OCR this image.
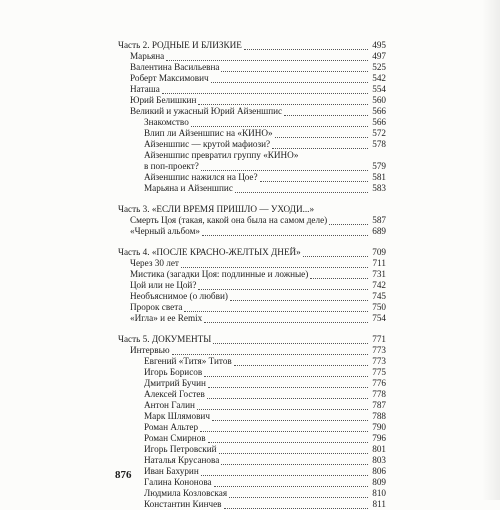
Часть 2. РОДНЫЕ И БЛИЗКИЕ	495
Марьяна	497
Валентина Васильевна	525
Роберт Максимович	542
Наташа	554
Юрий Белишкин	560
Великий и ужасный Юрий Айзеншпис	566
Знакомство	566
Влип ли Айзеншпис на «КИНО»	572
Айзеншпис — крутой мафиози?	578
Айзеншпис превратил группу «КИНО»
в поп-проект?	579
Айзеншпис нажился на Цое?	581
Марьяна и Айзеншпис	583
Часть 3. «ЕСЛИ ВРЕМЯ ПРИШЛО — УХОДИ...»
Смерть Цоя (такая, какой она была на самом деле)	587
«Черный альбом»	689
Часть 4. «ПОСЛЕ КРАСНО-ЖЕЛТЫХ ДНЕЙ»	709
Через 30 лет	711
Мистика (загадки Цоя: подлинные и ложные)	731
Цой или не Цой?	742
Необъяснимое (о любви)	745
Пророк света	750
«Игла» и ее Remix	754
Часть 5. ДОКУМЕНТЫ	771
Интервью	773
Евгений «Титя» Титов	773
Игорь Борисов	775
Дмитрий Бучин	776
Алексей Гостев	778
Антон Галин	787
Марк Шлямович	788
Роман Альтер	790
Роман Смирнов	796
Игорь Петровский	801
Наталья Крусанова	803
Иван Бахурин	806
Галина Кононова	809
Людмила Козловская	810
Константин Кинчев	811
876
